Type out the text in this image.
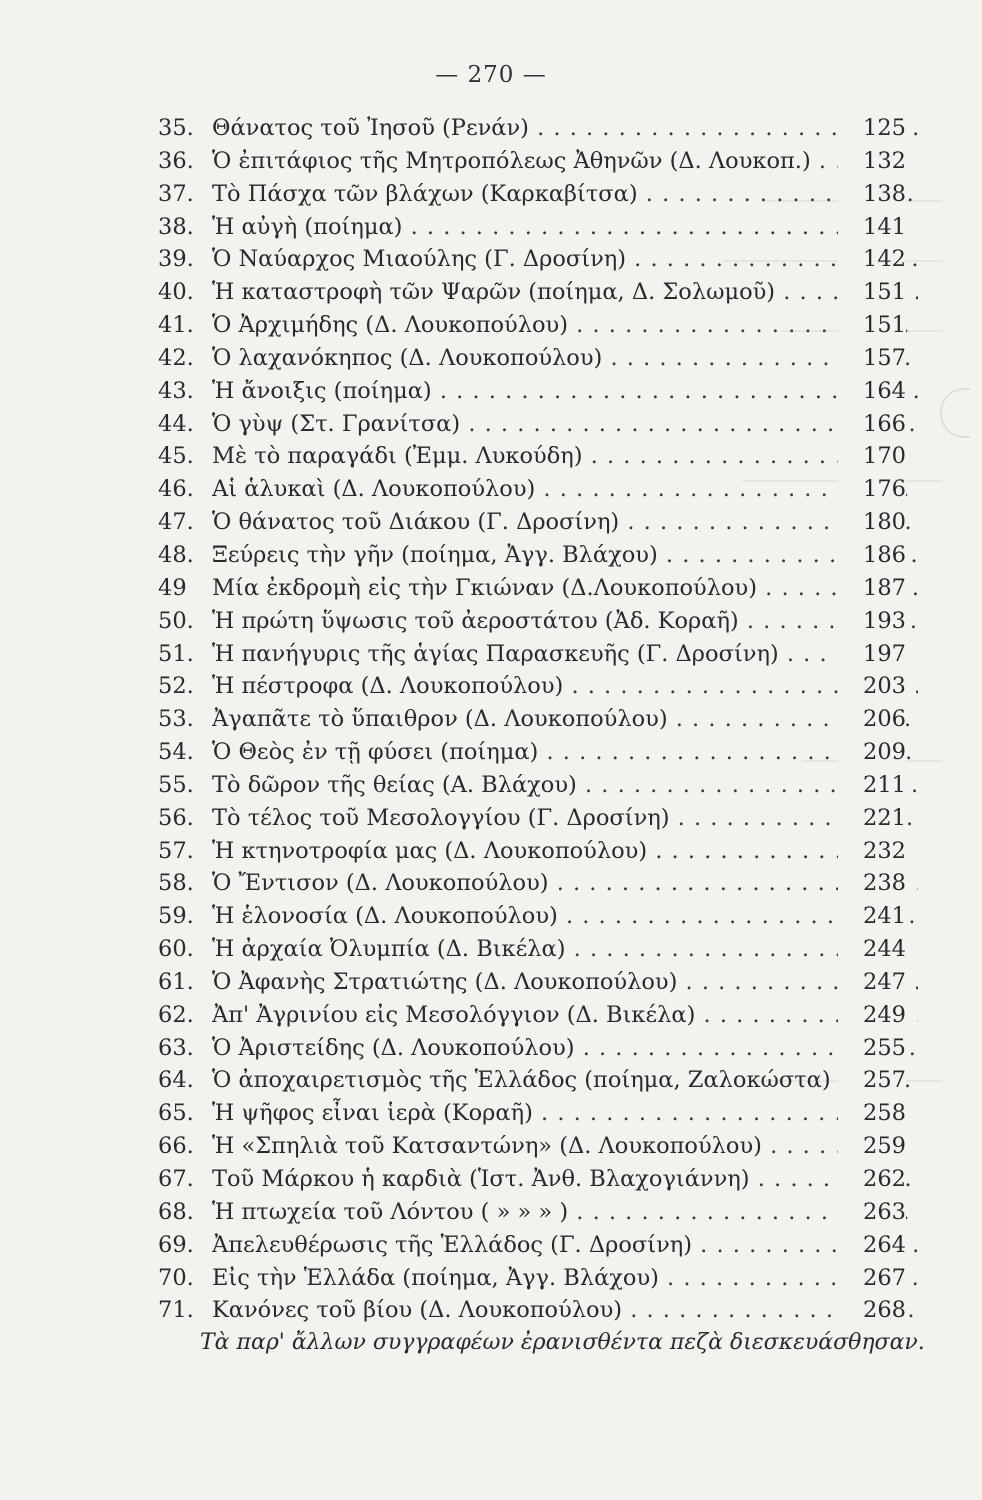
— 270 —
35. Θάνατος τοῦ Ἰησοῦ (Ρενάν) . . .	125
36. Ὁ ἐπιτάφιος τῆς Μητροπόλεως Ἀθηνῶν (Δ. Λουκοπ.) . . .	132
37. Τὸ Πάσχα τῶν βλάχων (Καρκαβίτσα) . . .	138
38. Ἡ αὐγὴ (ποίημα) . . .	141
39. Ὁ Ναύαρχος Μιαούλης (Γ. Δροσίνη) . . .	142
40. Ἡ καταστροφὴ τῶν Ψαρῶν (ποίημα, Δ. Σολωμοῦ) . . .	151
41. Ὁ Ἀρχιμήδης (Δ. Λουκοπούλου) . . .	151
42. Ὁ λαχανόκηπος (Δ. Λουκοπούλου) . . .	157
43. Ἡ ἄνοιξις (ποίημα) . . .	164
44. Ὁ γὺψ (Στ. Γρανίτσα) . . .	166
45. Μὲ τὸ παραγάδι (Ἐμμ. Λυκούδη) . . .	170
46. Αἱ ἁλυκαὶ (Δ. Λουκοπούλου) . . .	176
47. Ὁ θάνατος τοῦ Διάκου (Γ. Δροσίνη) . . .	180
48. Ξεύρεις τὴν γῆν (ποίημα, Ἀγγ. Βλάχου) . . .	186
49	Μία ἐκδρομὴ εἰς τὴν Γκιώναν (Δ.Λουκοπούλου) . . .	187
50. Ἡ πρώτη ὕψωσις τοῦ ἀεροστάτου (Ἀδ. Κοραῆ) . . .	193
51. Ἡ πανήγυρις τῆς ἁγίας Παρασκευῆς (Γ. Δροσίνη) . . .	197
52. Ἡ πέστροφα (Δ. Λουκοπούλου) . . .	203
53. Ἀγαπᾶτε τὸ ὕπαιθρον (Δ. Λουκοπούλου) . . .	206
54. Ὁ Θεὸς ἐν τῇ φύσει (ποίημα) . . .	209
55. Τὸ δῶρον τῆς θείας (Α. Βλάχου) . . .	211
56. Τὸ τέλος τοῦ Μεσολογγίου (Γ. Δροσίνη) . . .	221
57. Ἡ κτηνοτροφία μας (Δ. Λουκοπούλου) . . .	232
58. Ὁ Ἔντισον (Δ. Λουκοπούλου) . . .	238
59. Ἡ ἑλονοσία (Δ. Λουκοπούλου) . . .	241
60. Ἡ ἀρχαία Ὀλυμπία (Δ. Βικέλα) . . .	244
61. Ὁ Ἀφανὴς Στρατιώτης (Δ. Λουκοπούλου) . . .	247
62. Ἀπ' Ἀγρινίου εἰς Μεσολόγγιον (Δ. Βικέλα) . . .	249
63. Ὁ Ἀριστείδης (Δ. Λουκοπούλου) . . .	255
64. Ὁ ἀποχαιρετισμὸς τῆς Ἑλλάδος (ποίημα, Ζαλοκώστα) . . .	257
65. Ἡ ψῆφος εἶναι ἱερὰ (Κοραῆ) . . .	258
66. Ἡ «Σπηλιὰ τοῦ Κατσαντώνη» (Δ. Λουκοπούλου) . . .	259
67. Τοῦ Μάρκου ἡ καρδιὰ (Ἱστ. Ἀνθ. Βλαχογιάννη) . . .	262
68. Ἡ πτωχεία τοῦ Λόντου ( » » » ) . . .	263
69. Ἀπελευθέρωσις τῆς Ἑλλάδος (Γ. Δροσίνη) . . .	264
70. Εἰς τὴν Ἑλλάδα (ποίημα, Ἀγγ. Βλάχου) . . .	267
71. Κανόνες τοῦ βίου (Δ. Λουκοπούλου) . . .	268
Τὰ παρ' ἄλλων συγγραφέων ἐρανισθέντα πεζὰ διεσκευάσθησαν.
